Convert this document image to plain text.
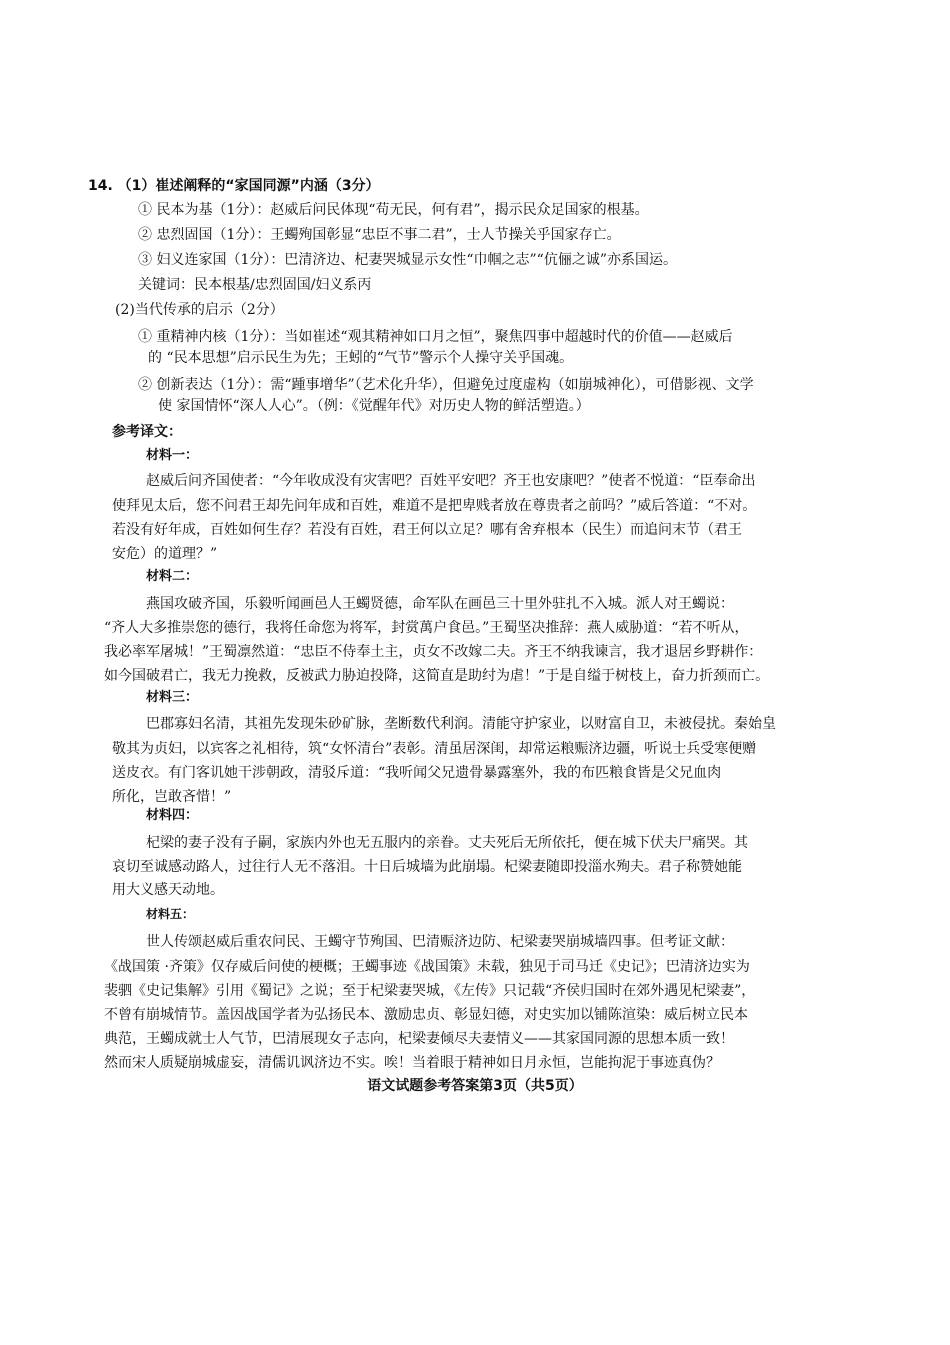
14. （1）崔述阐释的“家国同源”内涵（3分）
① 民本为基（1分）：赵威后问民体现“苟无民，何有君”，揭示民众足国家的根基。
② 忠烈固国（1分）：王蠋殉国彰显“忠臣不事二君”，士人节操关乎国家存亡。
③ 妇义连家国（1分）：巴清济边、杞妻哭城显示女性“巾帼之志”“伉俪之诚”亦系国运。
关键词：民本根基/忠烈固国/妇义系丙
(2)当代传承的启示（2分）
① 重精神内核（1分）：当如崔述“观其精神如口月之恒”，聚焦四事中超越时代的价值——赵威后
的 “民本思想”启示民生为先；王蚓的“气节”警示个人操守关乎国魂。
② 创新表达（1分）：需“踵事增华”（艺术化升华），但避免过度虚构（如崩城神化），可借影视、文学
使 家国情怀“深人人心”。（例：《觉醒年代》对历史人物的鲜活塑造。）
参考译文：
材料一：
赵威后问齐国使者：“今年收成没有灾害吧？百姓平安吧？齐王也安康吧？”使者不悦道：“臣奉命出
使拜见太后，您不问君王却先问年成和百姓，难道不是把卑贱者放在尊贵者之前吗？”威后答道：“不对。
若没有好年成，百姓如何生存？若没有百姓，君王何以立足？哪有舍弃根本（民生）而追问末节（君王
安危）的道理？”
材料二：
燕国攻破齐国，乐毅听闻画邑人王蠋贤德，命军队在画邑三十里外驻扎不入城。派人对王蠋说：
“齐人大多推崇您的德行，我将任命您为将军，封赏萬户食邑。”王蜀坚决推辞：燕人威胁道：“若不听从，
我必率军屠城！”王蜀凛然道：“忠臣不侍奉土主，贞女不改嫁二夫。齐王不纳我谏言，我才退居乡野耕作：
如今国破君亡，我无力挽救，反被武力胁迫投降，这简直是助纣为虐！”于是自缢于树枝上，奋力折颈而亡。
材料三：
巴郡寡妇名清，其祖先发现朱砂矿脉，垄断数代利润。清能守护家业，以财富自卫，未被侵扰。秦始皇
敬其为贞妇，以宾客之礼相待，筑“女怀清台”表彰。清虽居深闺，却常运粮赈济边疆，听说士兵受寒便赠
送皮衣。有门客讥她干涉朝政，清驳斥道：“我听闻父兄遗骨暴露塞外，我的布匹粮食皆是父兄血肉
所化，岂敢吝惜！”
材料四：
杞梁的妻子没有子嗣，家族内外也无五服内的亲眷。丈夫死后无所依托，便在城下伏夫尸痛哭。其
哀切至诚感动路人，过往行人无不落泪。十日后城墙为此崩塌。杞梁妻随即投淄水殉夫。君子称赞她能
用大义感天动地。
材料五：
世人传颂赵威后重农问民、王蠋守节殉国、巴清赈济边防、杞梁妻哭崩城墙四事。但考证文献：
《战国策 ·齐策》仅存威后问使的梗概；王蠋事迹《战国策》未载，独见于司马迁《史记》；巴清济边实为
裴驷《史记集解》引用《蜀记》之说；至于杞梁妻哭城，《左传》只记载“齐侯归国时在郊外遇见杞梁妻”，
不曾有崩城情节。盖因战国学者为弘扬民本、激励忠贞、彰显妇德，对史实加以铺陈渲染：威后树立民本
典范，王蠋成就士人气节，巴清展现女子志向，杞梁妻倾尽夫妻情义——其家国同源的思想本质一致！
然而宋人质疑崩城虚妄，清儒讥讽济边不实。唉！当着眼于精神如日月永恒，岂能拘泥于事迹真伪？
语文试题参考答案第3页（共5页）
